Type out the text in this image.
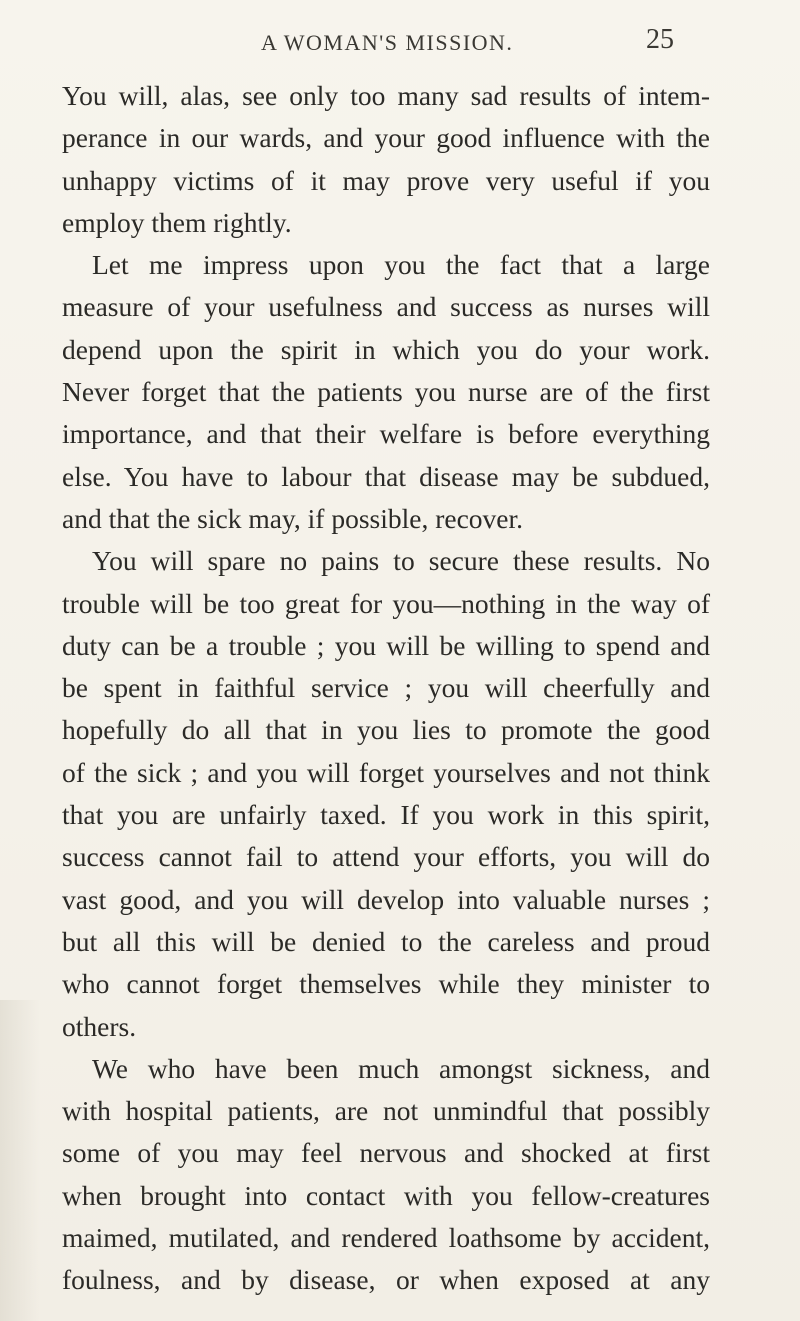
A WOMAN'S MISSION.	25
You will, alas, see only too many sad results of intem-
perance in our wards, and your good influence with the
unhappy victims of it may prove very useful if you
employ them rightly.
Let me impress upon you the fact that a large
measure of your usefulness and success as nurses will
depend upon the spirit in which you do your work.
Never forget that the patients you nurse are of the first
importance, and that their welfare is before everything
else. You have to labour that disease may be subdued,
and that the sick may, if possible, recover.
You will spare no pains to secure these results. No
trouble will be too great for you—nothing in the way of
duty can be a trouble ; you will be willing to spend and
be spent in faithful service ; you will cheerfully and
hopefully do all that in you lies to promote the good
of the sick ; and you will forget yourselves and not think
that you are unfairly taxed. If you work in this spirit,
success cannot fail to attend your efforts, you will do
vast good, and you will develop into valuable nurses ;
but all this will be denied to the careless and proud
who cannot forget themselves while they minister to
others.
We who have been much amongst sickness, and
with hospital patients, are not unmindful that possibly
some of you may feel nervous and shocked at first
when brought into contact with you fellow-creatures
maimed, mutilated, and rendered loathsome by accident,
foulness, and by disease, or when exposed at any
